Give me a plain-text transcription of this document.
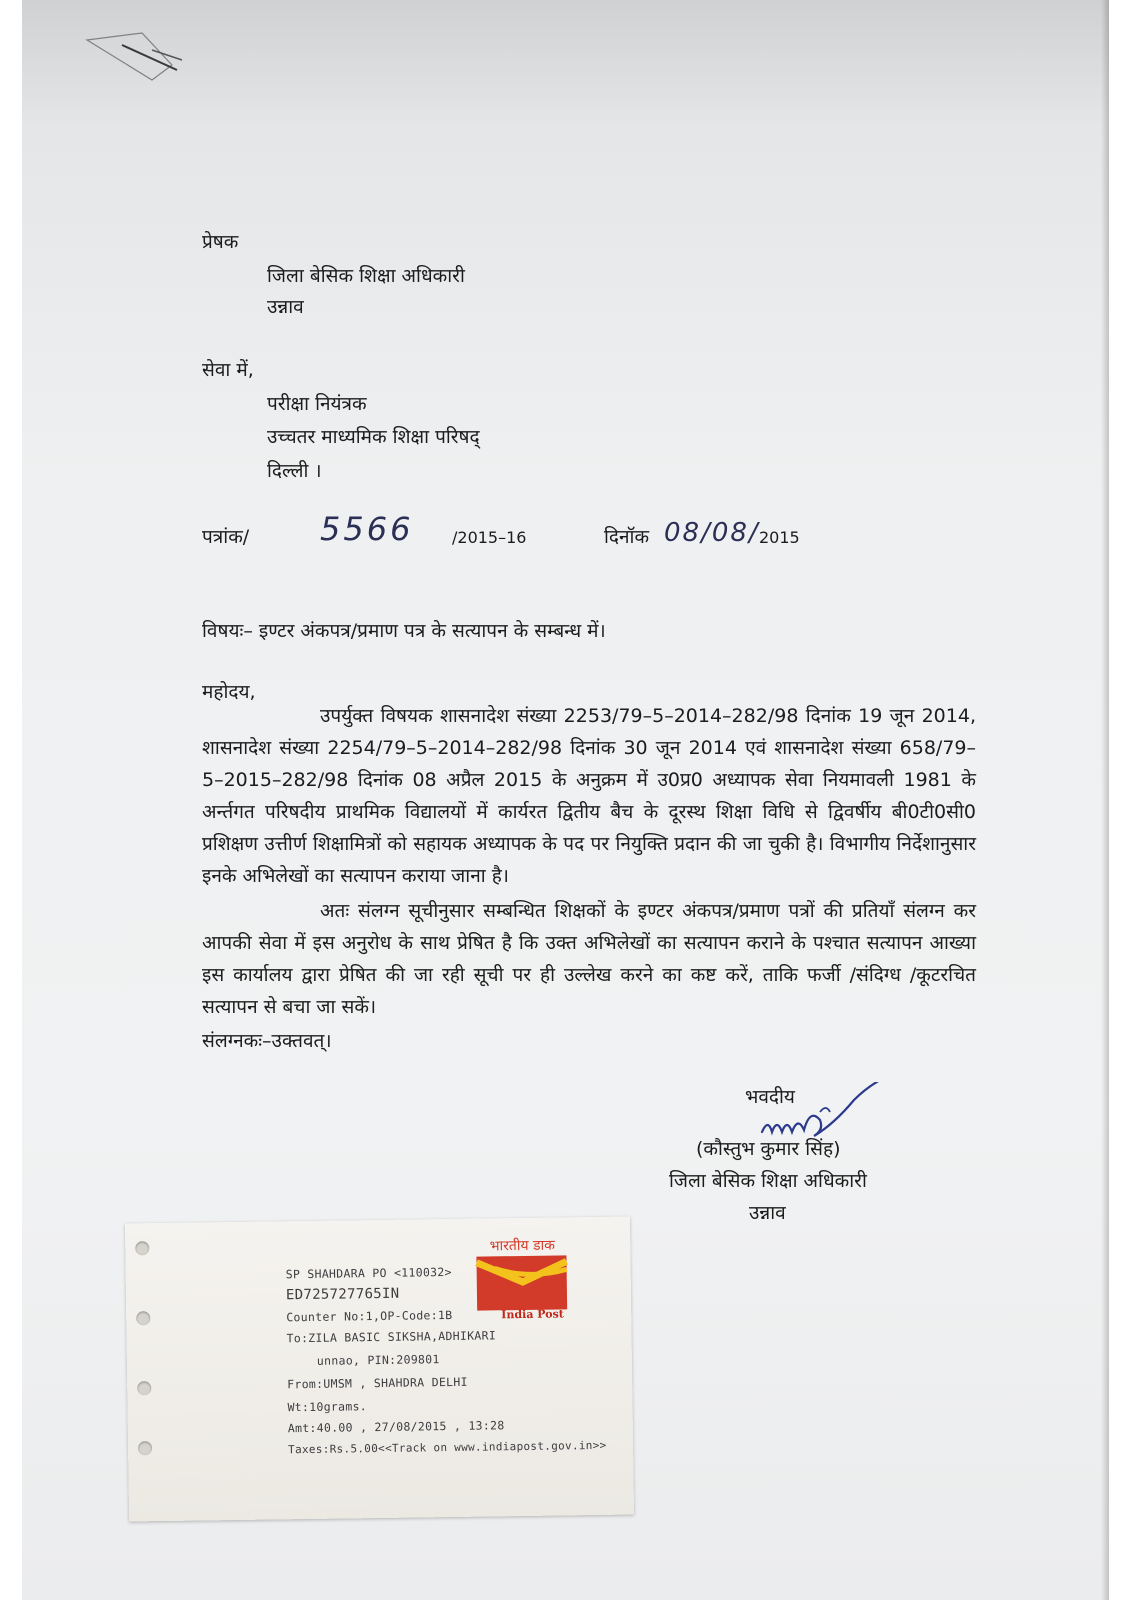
प्रेषक
जिला बेसिक शिक्षा अधिकारी
उन्नाव
सेवा में,
परीक्षा नियंत्रक
उच्चतर माध्यमिक शिक्षा परिषद्
दिल्ली ।
पत्रांक/ 5566 /2015–16	दिनॉक 08/08/ 2015
विषयः– इण्टर अंकपत्र/प्रमाण पत्र के सत्यापन के सम्बन्ध में।
महोदय,
उपर्युक्त विषयक शासनादेश संख्या 2253/79–5–2014–282/98 दिनांक 19 जून 2014, शासनादेश संख्या 2254/79–5–2014–282/98 दिनांक 30 जून 2014 एवं शासनादेश संख्या 658/79–5–2015–282/98 दिनांक 08 अप्रैल 2015 के अनुक्रम में उ0प्र0 अध्यापक सेवा नियमावली 1981 के अर्न्तगत परिषदीय प्राथमिक विद्यालयों में कार्यरत द्वितीय बैच के दूरस्थ शिक्षा विधि से द्विवर्षीय बी0टी0सी0 प्रशिक्षण उत्तीर्ण शिक्षामित्रों को सहायक अध्यापक के पद पर नियुक्ति प्रदान की जा चुकी है। विभागीय निर्देशानुसार इनके अभिलेखों का सत्यापन कराया जाना है।
अतः संलग्न सूचीनुसार सम्बन्धित शिक्षकों के इण्टर अंकपत्र/प्रमाण पत्रों की प्रतियॉं संलग्न कर आपकी सेवा में इस अनुरोध के साथ प्रेषित है कि उक्त अभिलेखों का सत्यापन कराने के पश्चात सत्यापन आख्या इस कार्यालय द्वारा प्रेषित की जा रही सूची पर ही उल्लेख करने का कष्ट करें, ताकि फर्जी /संदिग्ध /कूटरचित सत्यापन से बचा जा सकें।
संलग्नकः–उक्तवत्।
भवदीय
(कौस्तुभ कुमार सिंह)
जिला बेसिक शिक्षा अधिकारी
उन्नाव
भारतीय डाक
India Post
SP SHAHDARA PO <110032>
ED725727765IN
Counter No:1,OP-Code:1B
To:ZILA BASIC SIKSHA,ADHIKARI
unnao, PIN:209801
From:UMSM , SHAHDRA DELHI
Wt:10grams.
Amt:40.00 , 27/08/2015 , 13:28
Taxes:Rs.5.00<<Track on www.indiapost.gov.in>>
